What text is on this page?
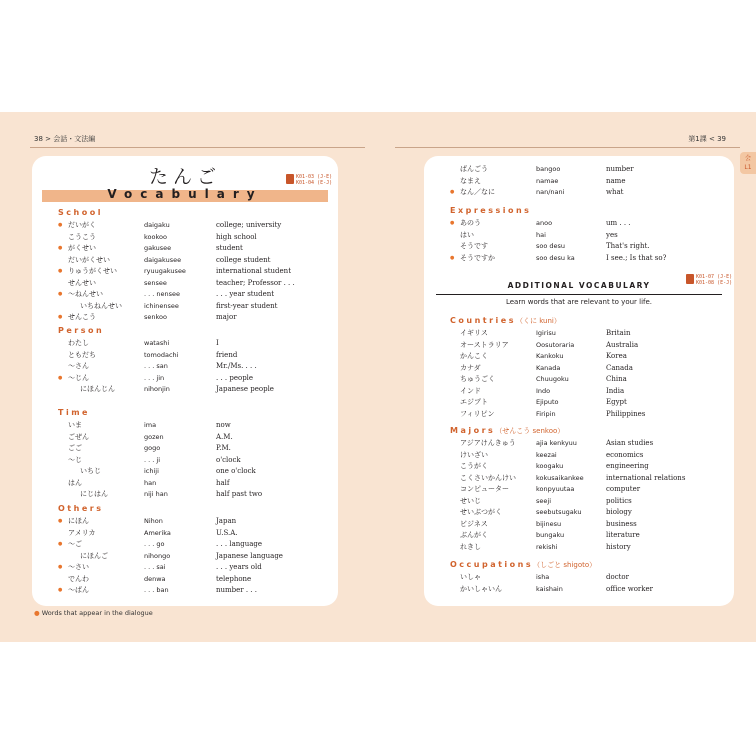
38 > 会話・文法編	第1課 < 39
会
L1
たんご
Vocabulary
K01-03 (J-E)
K01-04 (E-J)
School
● だいがく	daigaku	college; university
こうこう	kookoo	high school
● がくせい	gakusee	student
だいがくせい	daigakusee	college student
● りゅうがくせい	ryuugakusee	international student
せんせい	sensee	teacher; Professor . . .
● ～ねんせい	. . . nensee	. . . year student
いちねんせい	ichinensee	first-year student
● せんこう	senkoo	major
Person
わたし	watashi	I
ともだち	tomodachi	friend
～さん	. . . san	Mr./Ms. . . .
● ～じん	. . . jin	. . . people
にほんじん	nihonjin	Japanese people
Time
いま	ima	now
ごぜん	gozen	A.M.
ごご	gogo	P.M.
～じ	. . . ji	o'clock
いちじ	ichiji	one o'clock
はん	han	half
にじはん	niji han	half past two
Others
● にほん	Nihon	Japan
アメリカ	Amerika	U.S.A.
● ～ご	. . . go	. . . language
にほんご	nihongo	Japanese language
● ～さい	. . . sai	. . . years old
でんわ	denwa	telephone
● ～ばん	. . . ban	number . . .
ADDITIONAL VOCABULARY
K01-07 (J-E)
K01-08 (E-J)
Learn words that are relevant to your life.
ばんごう	bangoo	number
なまえ	namae	name
● なん／なに	nan/nani	what
Expressions
● あのう	anoo	um . . .
はい	hai	yes
そうです	soo desu	That's right.
● そうですか	soo desu ka	I see.; Is that so?
Countries（くに kuni）
イギリス	Igirisu	Britain
オーストラリア	Oosutoraria	Australia
かんこく	Kankoku	Korea
カナダ	Kanada	Canada
ちゅうごく	Chuugoku	China
インド	Indo	India
エジプト	Ejiputo	Egypt
フィリピン	Firipin	Philippines
Majors（せんこう senkoo）
アジアけんきゅう	ajia kenkyuu	Asian studies
けいざい	keezai	economics
こうがく	koogaku	engineering
こくさいかんけい	kokusaikankee	international relations
コンピューター	konpyuutaa	computer
せいじ	seeji	politics
せいぶつがく	seebutsugaku	biology
ビジネス	bijinesu	business
ぶんがく	bungaku	literature
れきし	rekishi	history
Occupations（しごと shigoto）
いしゃ	isha	doctor
かいしゃいん	kaishain	office worker
● Words that appear in the dialogue
